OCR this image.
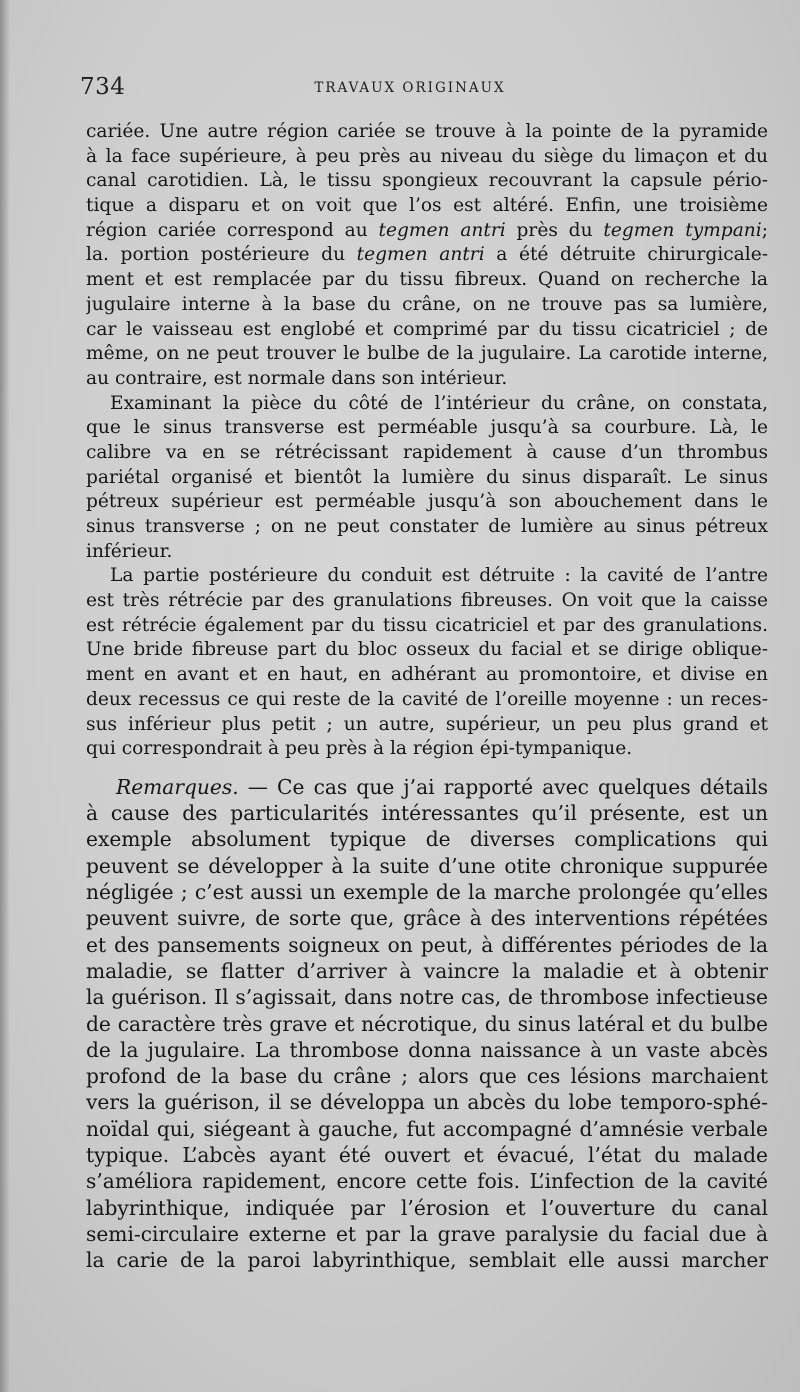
734	TRAVAUX ORIGINAUX
cariée. Une autre région cariée se trouve à la pointe de la pyramide
à la face supérieure, à peu près au niveau du siège du limaçon et du
canal carotidien. Là, le tissu spongieux recouvrant la capsule pério-
tique a disparu et on voit que l’os est altéré. Enfin, une troisième
région cariée correspond au tegmen antri près du tegmen tympani;
la. portion postérieure du tegmen antri a été détruite chirurgicale-
ment et est remplacée par du tissu fibreux. Quand on recherche la
jugulaire interne à la base du crâne, on ne trouve pas sa lumière,
car le vaisseau est englobé et comprimé par du tissu cicatriciel ; de
même, on ne peut trouver le bulbe de la jugulaire. La carotide interne,
au contraire, est normale dans son intérieur.
Examinant la pièce du côté de l’intérieur du crâne, on constata,
que le sinus transverse est perméable jusqu’à sa courbure. Là, le
calibre va en se rétrécissant rapidement à cause d’un thrombus
pariétal organisé et bientôt la lumière du sinus disparaît. Le sinus
pétreux supérieur est perméable jusqu’à son abouchement dans le
sinus transverse ; on ne peut constater de lumière au sinus pétreux
inférieur.
La partie postérieure du conduit est détruite : la cavité de l’antre
est très rétrécie par des granulations fibreuses. On voit que la caisse
est rétrécie également par du tissu cicatriciel et par des granulations.
Une bride fibreuse part du bloc osseux du facial et se dirige oblique-
ment en avant et en haut, en adhérant au promontoire, et divise en
deux recessus ce qui reste de la cavité de l’oreille moyenne : un reces-
sus inférieur plus petit ; un autre, supérieur, un peu plus grand et
qui correspondrait à peu près à la région épi-tympanique.
Remarques. — Ce cas que j’ai rapporté avec quelques détails
à cause des particularités intéressantes qu’il présente, est un
exemple absolument typique de diverses complications qui
peuvent se développer à la suite d’une otite chronique suppurée
négligée ; c’est aussi un exemple de la marche prolongée qu’elles
peuvent suivre, de sorte que, grâce à des interventions répétées
et des pansements soigneux on peut, à différentes périodes de la
maladie, se flatter d’arriver à vaincre la maladie et à obtenir
la guérison. Il s’agissait, dans notre cas, de thrombose infectieuse
de caractère très grave et nécrotique, du sinus latéral et du bulbe
de la jugulaire. La thrombose donna naissance à un vaste abcès
profond de la base du crâne ; alors que ces lésions marchaient
vers la guérison, il se développa un abcès du lobe temporo-sphé-
noïdal qui, siégeant à gauche, fut accompagné d’amnésie verbale
typique. L’abcès ayant été ouvert et évacué, l’état du malade
s’améliora rapidement, encore cette fois. L’infection de la cavité
labyrinthique, indiquée par l’érosion et l’ouverture du canal
semi-circulaire externe et par la grave paralysie du facial due à
la carie de la paroi labyrinthique, semblait elle aussi marcher
